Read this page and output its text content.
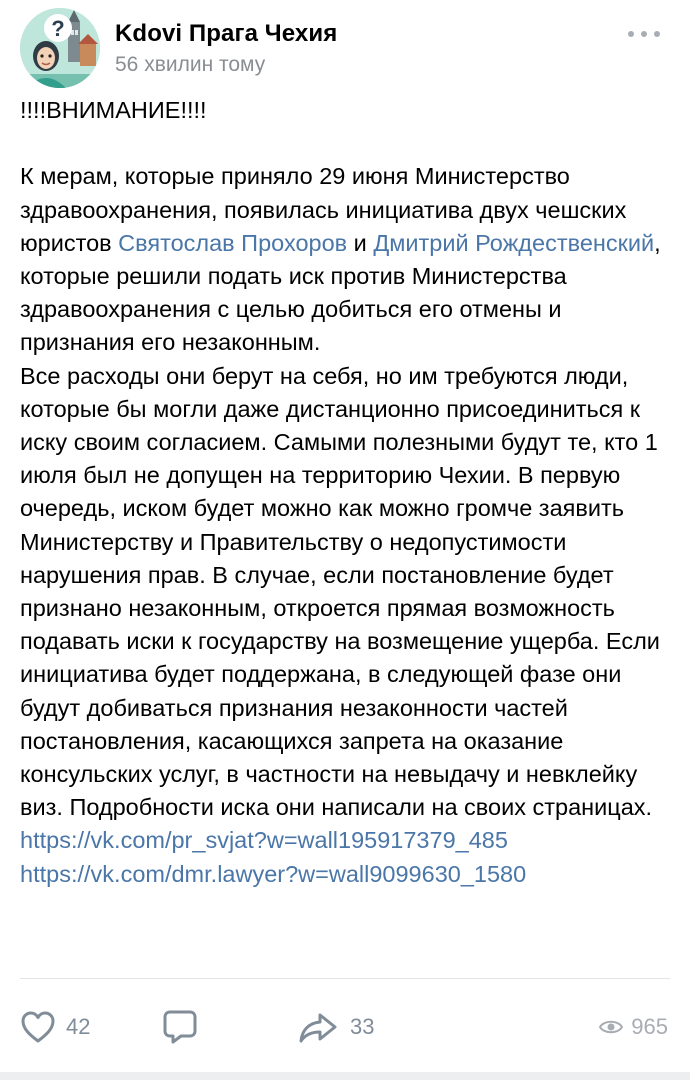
? Kdovi Прага Чехия
56 хвилин тому

!!!!ВНИМАНИЕ!!!!

К мерам, которые приняло 29 июня Министерство здравоохранения, появилась инициатива двух чешских юристов Святослав Прохоров и Дмитрий Рождественский, которые решили подать иск против Министерства здравоохранения с целью добиться его отмены и признания его незаконным.

Все расходы они берут на себя, но им требуются люди, которые бы могли даже дистанционно присоединиться к иску своим согласием. Самыми полезными будут те, кто 1 июля был не допущен на территорию Чехии. В первую очередь, иском будет можно как можно громче заявить Министерству и Правительству о недопустимости нарушения прав. В случае, если постановление будет признано незаконным, откроется прямая возможность подавать иски к государству на возмещение ущерба. Если инициатива будет поддержана, в следующей фазе они будут добиваться признания незаконности частей постановления, касающихся запрета на оказание консульских услуг, в частности на невыдачу и невклейку виз. Подробности иска они написали на своих страницах.

https://vk.com/pr_svjat?w=wall195917379_485

https://vk.com/dmr.lawyer?w=wall9099630_1580

42	33	965
